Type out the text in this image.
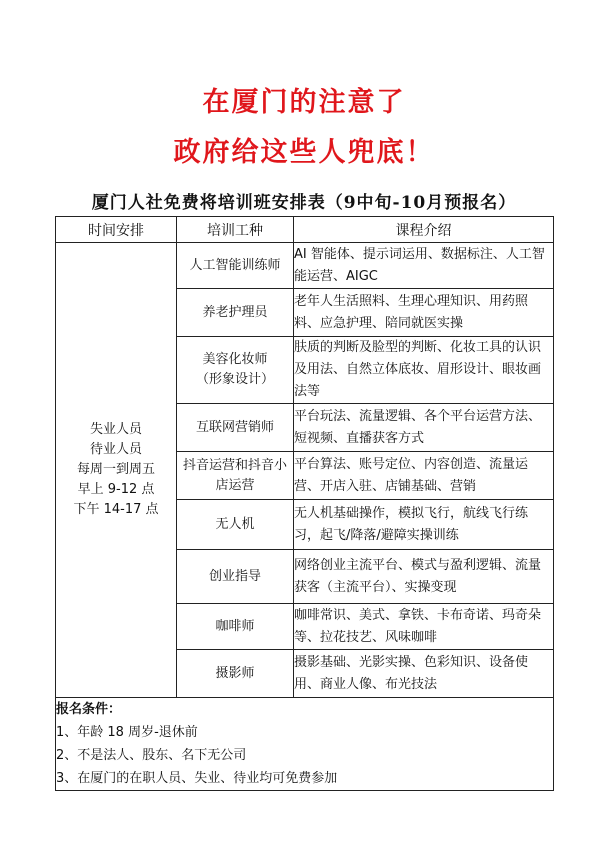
在厦门的注意了
政府给这些人兜底！
厦门人社免费将培训班安排表（9中旬-10月预报名）
时间安排	培训工种	课程介绍

失业人员
待业人员
每周一到周五
早上 9-12 点
下午 14-17 点	人工智能训练师	AI 智能体、提示词运用、数据标注、人工智能运营、AIGC
	养老护理员	老年人生活照料、生理心理知识、用药照料、应急护理、陪同就医实操
	美容化妆师（形象设计）	肤质的判断及脸型的判断、化妆工具的认识及用法、自然立体底妆、眉形设计、眼妆画法等
	互联网营销师	平台玩法、流量逻辑、各个平台运营方法、短视频、直播获客方式
	抖音运营和抖音小店运营	平台算法、账号定位、内容创造、流量运营、开店入驻、店铺基础、营销
	无人机	无人机基础操作，模拟飞行，航线飞行练习，起飞/降落/避障实操训练
	创业指导	网络创业主流平台、模式与盈利逻辑、流量获客（主流平台）、实操变现
	咖啡师	咖啡常识、美式、拿铁、卡布奇诺、玛奇朵等、拉花技艺、风味咖啡
	摄影师	摄影基础、光影实操、色彩知识、设备使用、商业人像、布光技法

报名条件：
1、年龄 18 周岁-退休前
2、不是法人、股东、名下无公司
3、在厦门的在职人员、失业、待业均可免费参加		
